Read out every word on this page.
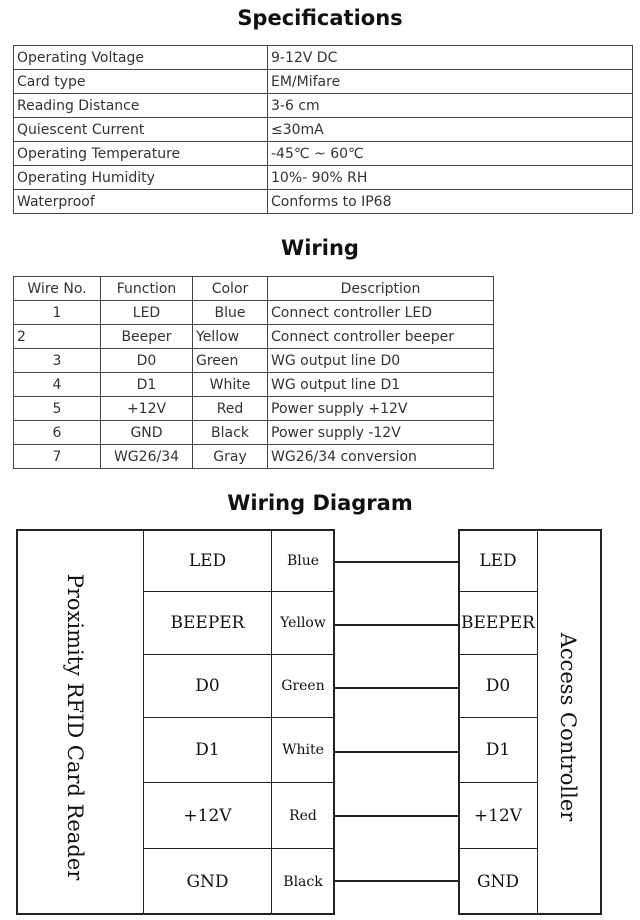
Specifications
Operating Voltage	9-12V DC
Card type	EM/Mifare
Reading Distance	3-6 cm
Quiescent Current	≤30mA
Operating Temperature	-45℃ ~ 60℃
Operating Humidity	10%- 90% RH
Waterproof	Conforms to IP68
Wiring
Wire No.	Function	Color	Description
1	LED	Blue	Connect controller LED
2	Beeper	Yellow	Connect controller beeper
3	D0	Green	WG output line D0
4	D1	White	WG output line D1
5	+12V	Red	Power supply +12V
6	GND	Black	Power supply -12V
7	WG26/34	Gray	WG26/34 conversion
Wiring Diagram
Proximity RFID Card Reader	Access Controller
LED	Blue	LED
BEEPER	Yellow	BEEPER
D0	Green	D0
D1	White	D1
+12V	Red	+12V
GND	Black	GND
